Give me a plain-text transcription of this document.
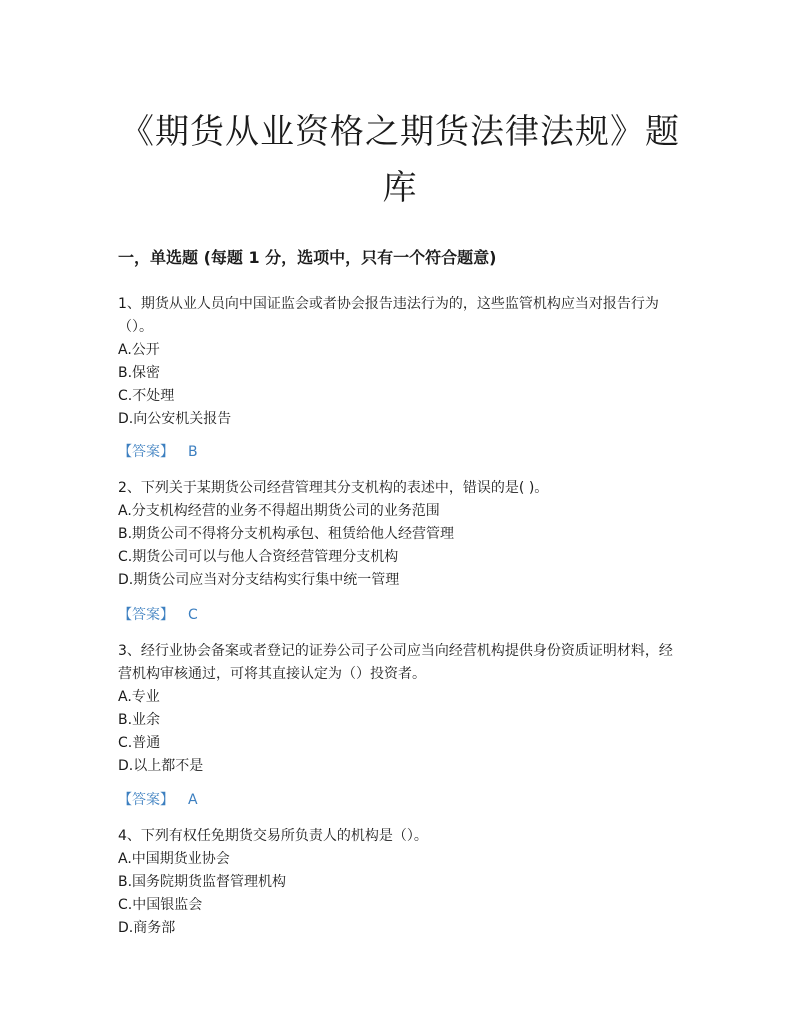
《期货从业资格之期货法律法规》题库
一，单选题 (每题 1 分，选项中，只有一个符合题意)

1、期货从业人员向中国证监会或者协会报告违法行为的，这些监管机构应当对报告行为（）。

A.公开

B.保密

C.不处理

D.向公安机关报告

【答案】 B

2、下列关于某期货公司经营管理其分支机构的表述中，错误的是( )。

A.分支机构经营的业务不得超出期货公司的业务范围

B.期货公司不得将分支机构承包、租赁给他人经营管理

C.期货公司可以与他人合资经营管理分支机构

D.期货公司应当对分支结构实行集中统一管理

【答案】 C

3、经行业协会备案或者登记的证券公司子公司应当向经营机构提供身份资质证明材料，经营机构审核通过，可将其直接认定为（）投资者。

A.专业

B.业余

C.普通

D.以上都不是

【答案】 A

4、下列有权任免期货交易所负责人的机构是（）。

A.中国期货业协会

B.国务院期货监督管理机构

C.中国银监会

D.商务部
